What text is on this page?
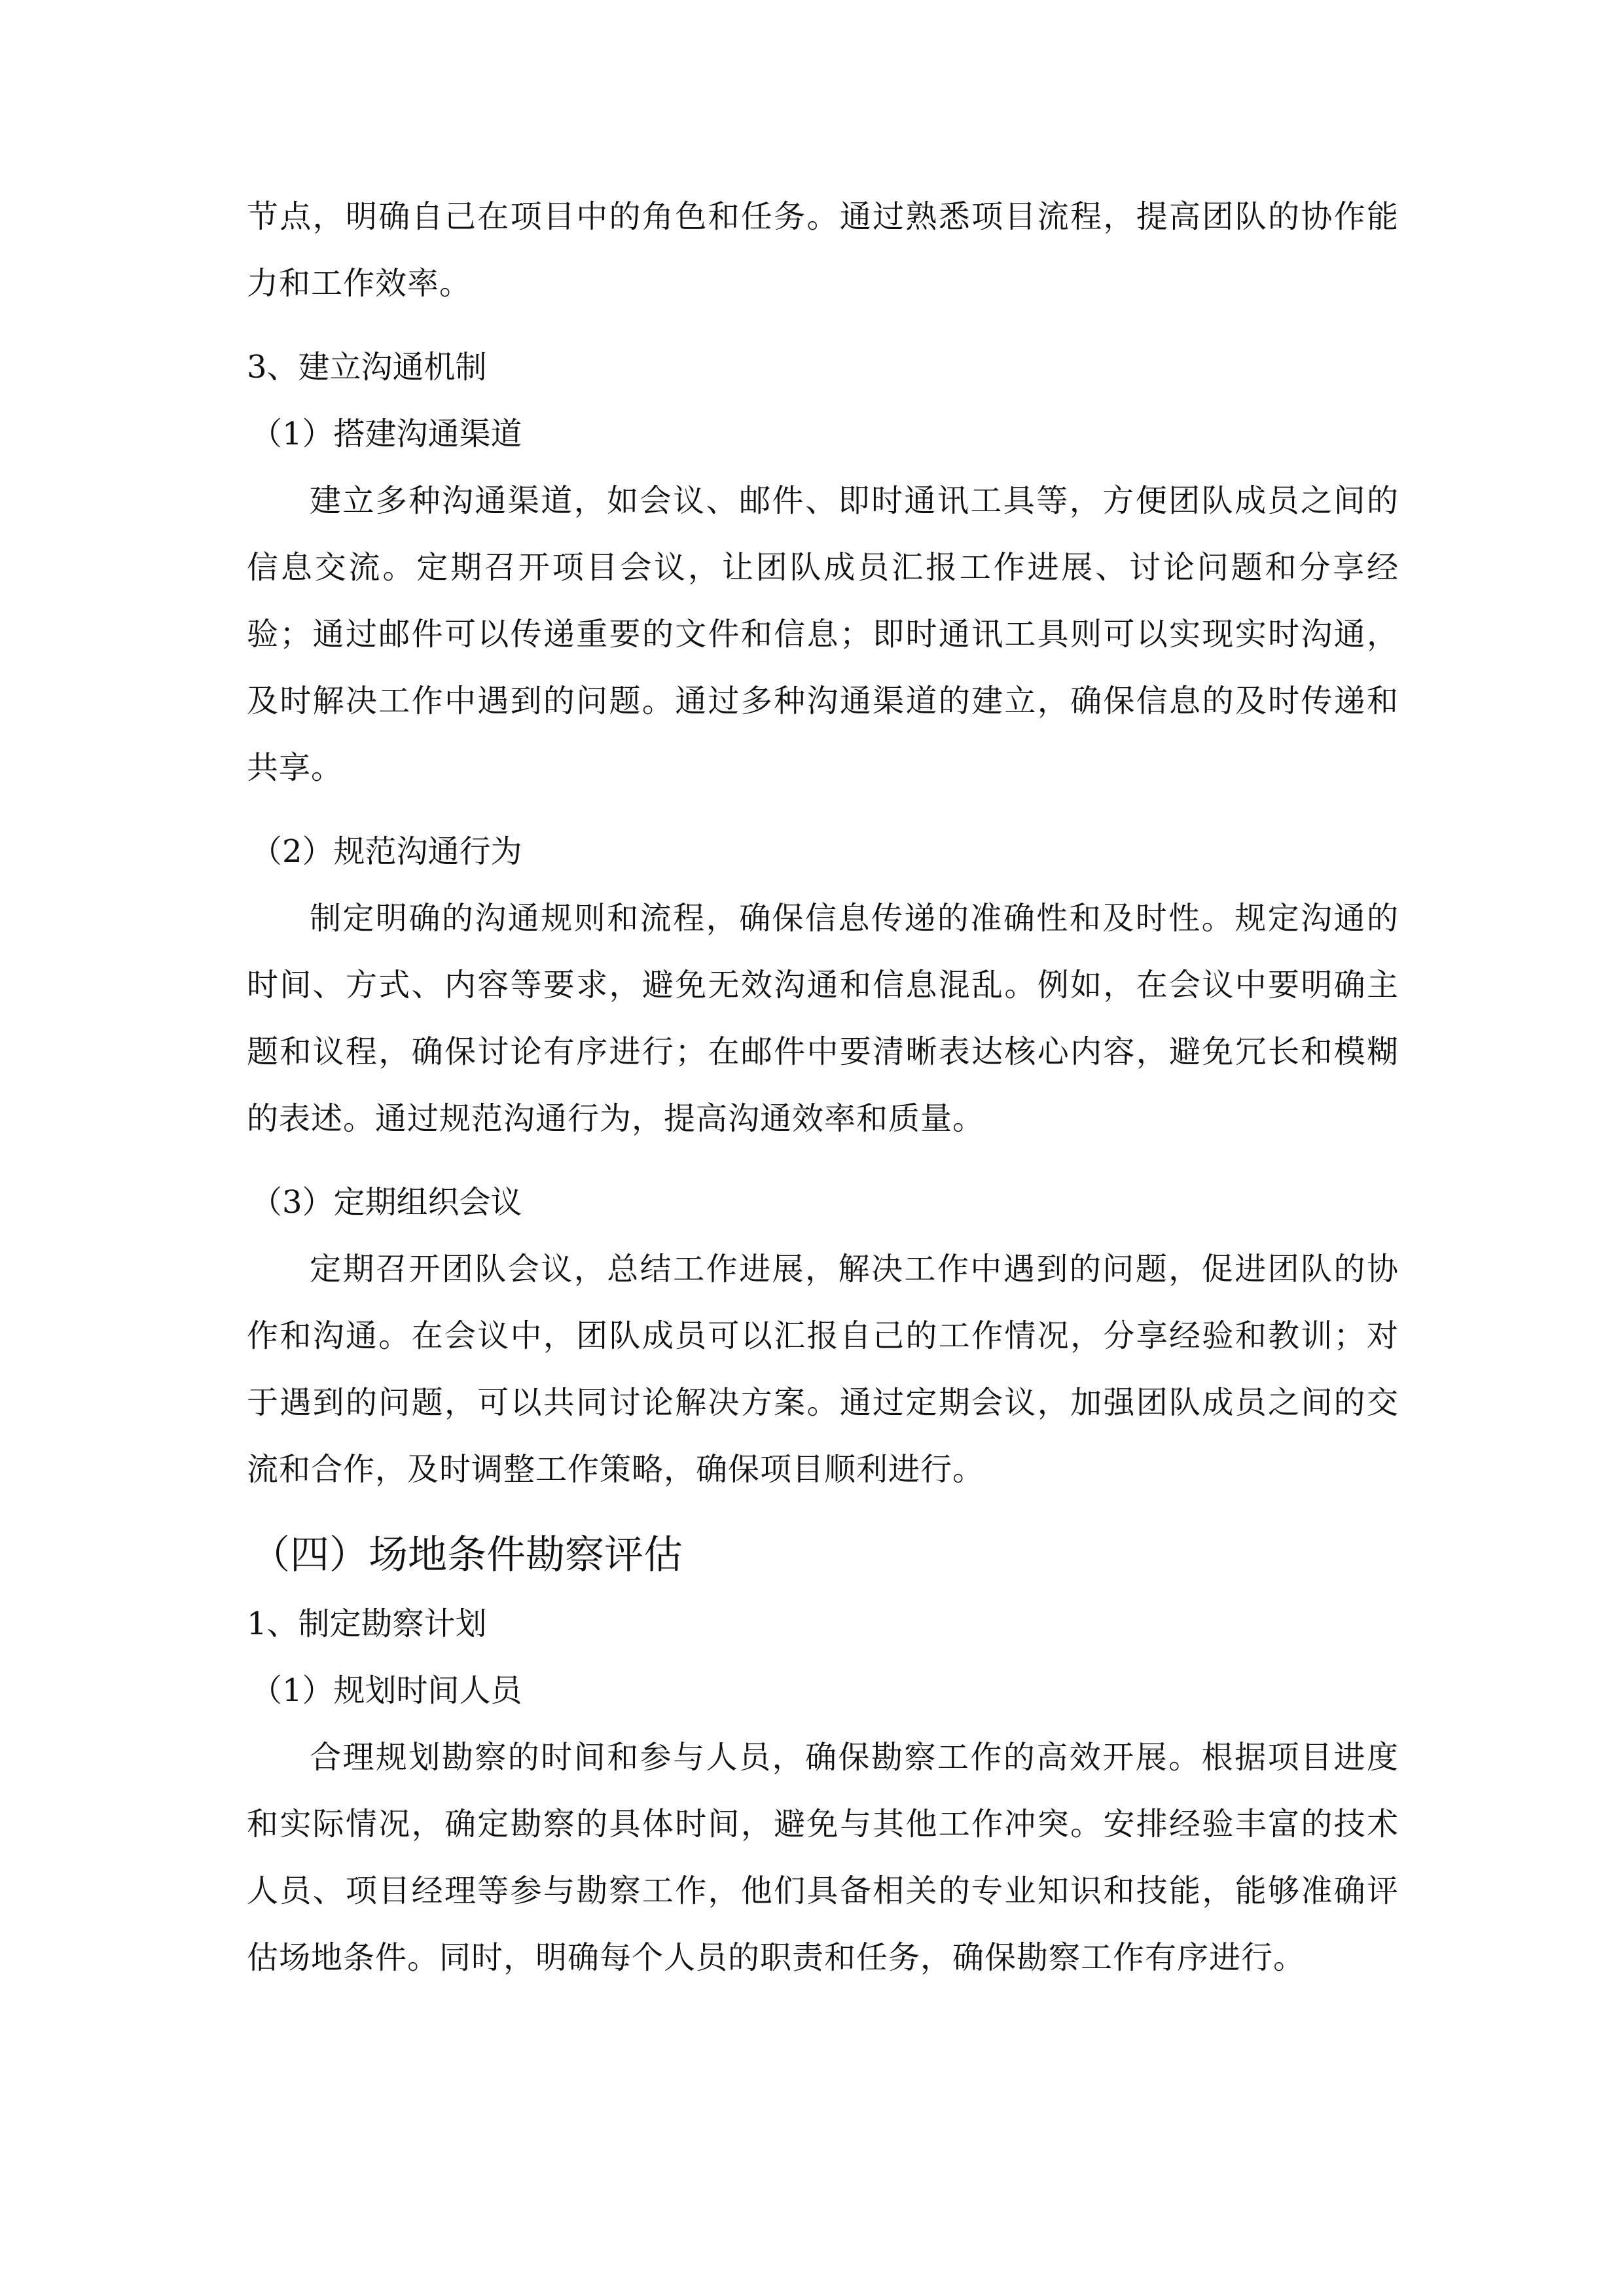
节点，明确自己在项目中的角色和任务。通过熟悉项目流程，提高团队的协作能力和工作效率。

3、建立沟通机制

（1）搭建沟通渠道

建立多种沟通渠道，如会议、邮件、即时通讯工具等，方便团队成员之间的信息交流。定期召开项目会议，让团队成员汇报工作进展、讨论问题和分享经验；通过邮件可以传递重要的文件和信息；即时通讯工具则可以实现实时沟通，及时解决工作中遇到的问题。通过多种沟通渠道的建立，确保信息的及时传递和共享。

（2）规范沟通行为

制定明确的沟通规则和流程，确保信息传递的准确性和及时性。规定沟通的时间、方式、内容等要求，避免无效沟通和信息混乱。例如，在会议中要明确主题和议程，确保讨论有序进行；在邮件中要清晰表达核心内容，避免冗长和模糊的表述。通过规范沟通行为，提高沟通效率和质量。

（3）定期组织会议

定期召开团队会议，总结工作进展，解决工作中遇到的问题，促进团队的协作和沟通。在会议中，团队成员可以汇报自己的工作情况，分享经验和教训；对于遇到的问题，可以共同讨论解决方案。通过定期会议，加强团队成员之间的交流和合作，及时调整工作策略，确保项目顺利进行。

（四）场地条件勘察评估

1、制定勘察计划

（1）规划时间人员

合理规划勘察的时间和参与人员，确保勘察工作的高效开展。根据项目进度和实际情况，确定勘察的具体时间，避免与其他工作冲突。安排经验丰富的技术人员、项目经理等参与勘察工作，他们具备相关的专业知识和技能，能够准确评估场地条件。同时，明确每个人员的职责和任务，确保勘察工作有序进行。
